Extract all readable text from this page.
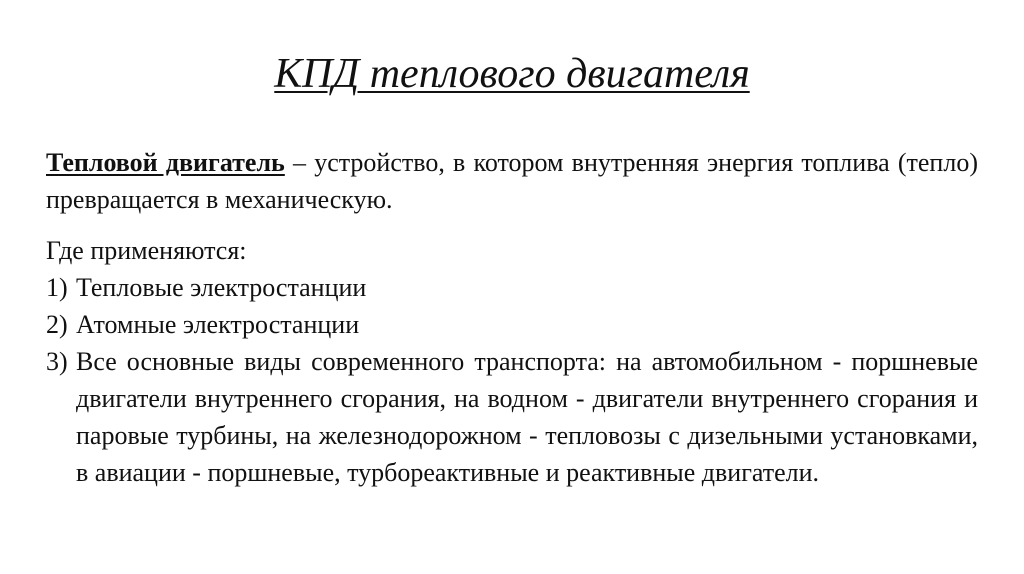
КПД теплового двигателя

Тепловой двигатель – устройство, в котором внутренняя энергия топлива (тепло) превращается в механическую.

Где применяются:

1) Тепловые электростанции
2) Атомные электростанции
3) Все основные виды современного транспорта: на автомобильном - поршневые двигатели внутреннего сгорания, на водном - двигатели внутреннего сгорания и паровые турбины, на железнодорожном - тепловозы с дизельными установками, в авиации - поршневые, турборeактивные и реактивные двигатели.
